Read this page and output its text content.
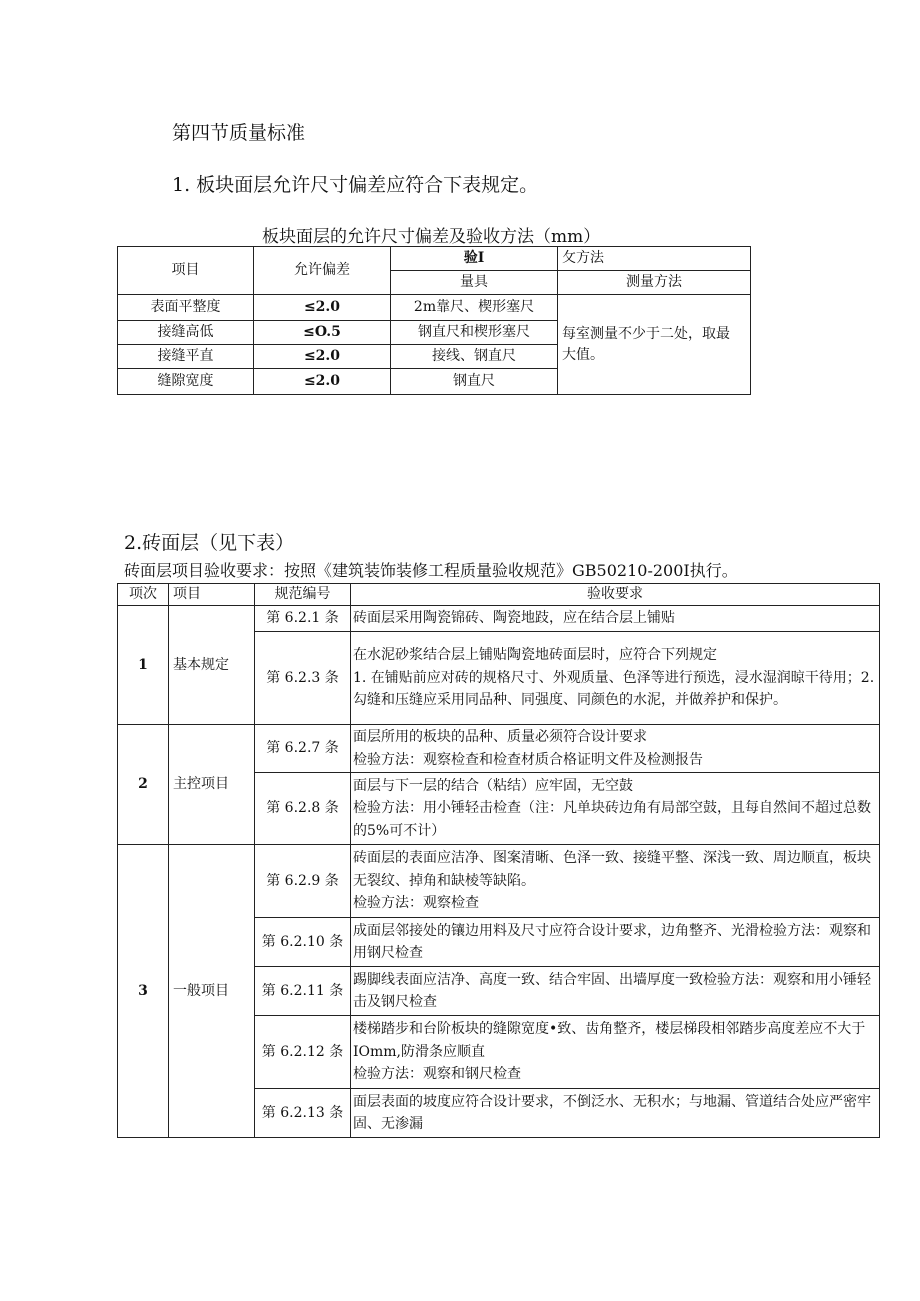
第四节质量标准
1. 板块面层允许尺寸偏差应符合下表规定。
板块面层的允许尺寸偏差及验收方法（mm）
项目	允许偏差	验I	攵方法
		量具	测量方法
表面平整度	≤2.0	2m靠尺、楔形塞尺	每室测量不少于二处，取最大值。
接缝高低	≤O.5	钢直尺和楔形塞尺	
接缝平直	≤2.0	接线、钢直尺	
缝隙宽度	≤2.0	钢直尺	
2.砖面层（见下表）
砖面层项目验收要求：按照《建筑装饰装修工程质量验收规范》GB50210-200I执行。
项次	项目	规范编号	验收要求
1	基本规定	第 6.2.1 条	砖面层采用陶瓷锦砖、陶瓷地跂，应在结合层上铺贴

		第 6.2.3 条	在水泥砂浆结合层上铺贴陶瓷地砖面层时，应符合下列规定
1. 在铺贴前应对砖的规格尺寸、外观质量、色泽等进行预选，浸水湿润晾干待用；2.勾缝和压缝应采用同品种、同强度、同颜色的水泥，并做养护和保护。

2	主控项目	第 6.2.7 条	面层所用的板块的品种、质量必须符合设计要求
检验方法：观察检查和检查材质合格证明文件及检测报告

		第 6.2.8 条	面层与下一层的结合（粘结）应牢固，无空鼓
检验方法：用小锤轻击检查（注：凡单块砖边角有局部空鼓，且每自然间不超过总数的5%可不计）

3	一般项目	第 6.2.9 条	砖面层的表面应洁净、图案清晰、色泽一致、接缝平整、深浅一致、周边顺直，板块无裂纹、掉角和缺棱等缺陷。
检验方法：观察检查

		第 6.2.10 条	成面层邻接处的镶边用料及尺寸应符合设计要求，边角整齐、光滑检验方法：观察和用钢尺检查

		第 6.2.11 条	踢脚线表面应洁净、高度一致、结合牢固、出墙厚度一致检验方法：观察和用小锤轻击及钢尺检查

		第 6.2.12 条	楼梯踏步和台阶板块的缝隙宽度•致、齿角整齐，楼层梯段相邻踏步高度差应不大于IOmm,防滑条应顺直
检验方法：观察和钢尺检查

		第 6.2.13 条	面层表面的坡度应符合设计要求，不倒泛水、无积水；与地漏、管道结合处应严密牢固、无渗漏
